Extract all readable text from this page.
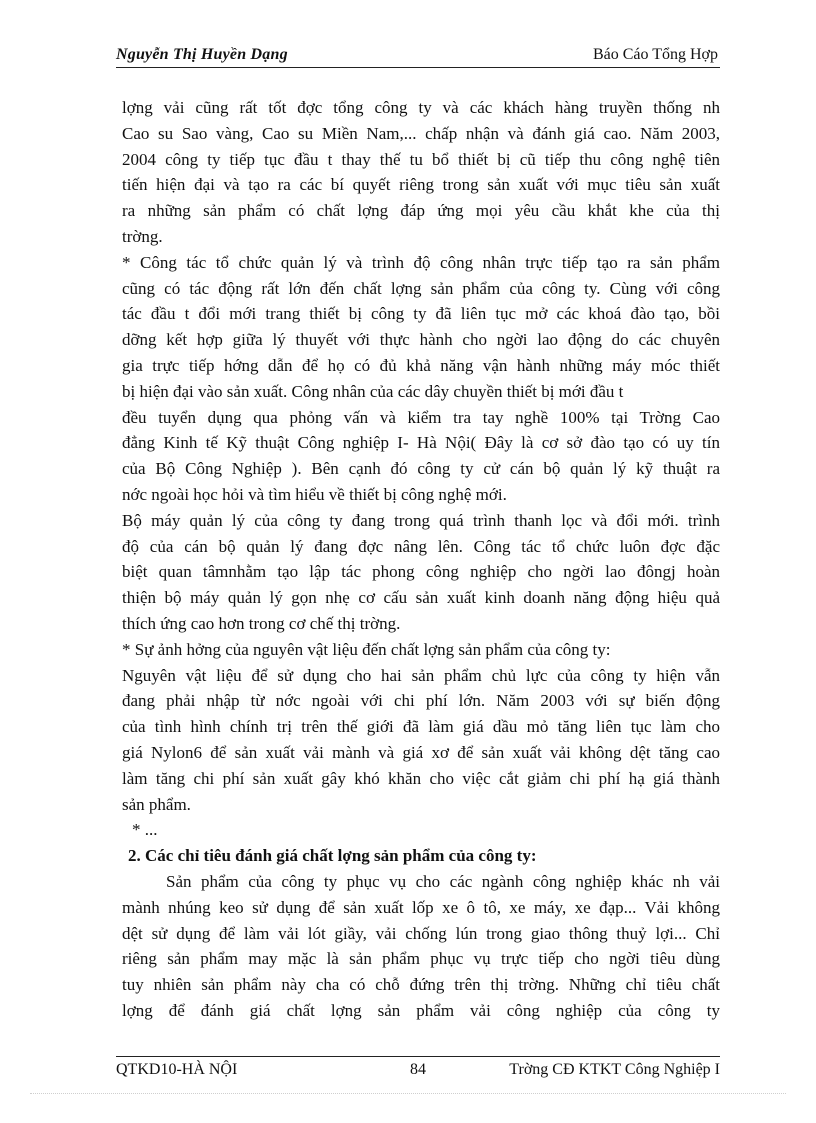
Nguyễn Thị Huyền Dạng	Báo Cáo Tổng Hợp
lợng vải cũng rất tốt đợc tổng công ty và các khách hàng truyền thống nh
Cao su Sao vàng, Cao su Miền Nam,... chấp nhận và đánh giá cao. Năm 2003,
2004 công ty tiếp tục đầu t thay thế tu bổ thiết bị cũ tiếp thu công nghệ tiên
tiến hiện đại và tạo ra các bí quyết riêng trong sản xuất với mục tiêu sản xuất
ra những sản phẩm có chất lợng đáp ứng mọi yêu cầu khắt khe của thị
trờng.
* Công tác tổ chức quản lý và trình độ công nhân trực tiếp tạo ra sản phẩm
cũng có tác động rất lớn đến chất lợng sản phẩm của công ty. Cùng với công
tác đầu t đổi mới trang thiết bị công ty đã liên tục mở các khoá đào tạo, bồi
dỡng kết hợp giữa lý thuyết với thực hành cho ngời lao động do các chuyên
gia trực tiếp hớng dẫn để họ có đủ khả năng vận hành những máy móc thiết
bị hiện đại vào sản xuất. Công nhân của các dây chuyền thiết bị mới đầu t
đều tuyển dụng qua phỏng vấn và kiểm tra tay nghề 100% tại Trờng Cao
đẳng Kinh tế Kỹ thuật Công nghiệp I- Hà Nội( Đây là cơ sở đào tạo có uy tín
của Bộ Công Nghiệp ). Bên cạnh đó công ty cử cán bộ quản lý kỹ thuật ra
nớc ngoài học hỏi và tìm hiểu về thiết bị công nghệ mới.
Bộ máy quản lý của công ty đang trong quá trình thanh lọc và đổi mới. trình
độ của cán bộ quản lý đang đợc nâng lên. Công tác tổ chức luôn đợc đặc
biệt quan tâmnhằm tạo lập tác phong công nghiệp cho ngời lao đôngj hoàn
thiện bộ máy quản lý gọn nhẹ cơ cấu sản xuất kinh doanh năng động hiệu quả
thích ứng cao hơn trong cơ chế thị trờng.
* Sự ảnh hởng của nguyên vật liệu đến chất lợng sản phẩm của công ty:
Nguyên vật liệu để sử dụng cho hai sản phẩm chủ lực của công ty hiện vẫn
đang phải nhập từ nớc ngoài với chi phí lớn. Năm 2003 với sự biến động
của tình hình chính trị trên thế giới đã làm giá dầu mỏ tăng liên tục làm cho
giá Nylon6 để sản xuất vải mành và giá xơ để sản xuất vải không dệt tăng cao
làm tăng chi phí sản xuất gây khó khăn cho việc cắt giảm chi phí hạ giá thành
sản phẩm.
* ...
2. Các chỉ tiêu đánh giá chất lợng sản phẩm của công ty:
Sản phẩm của công ty phục vụ cho các ngành công nghiệp khác nh vải
mành nhúng keo sử dụng để sản xuất lốp xe ô tô, xe máy, xe đạp... Vải không
dệt sử dụng để làm vải lót giầy, vải chống lún trong giao thông thuỷ lợi... Chỉ
riêng sản phẩm may mặc là sản phẩm phục vụ trực tiếp cho ngời tiêu dùng
tuy nhiên sản phẩm này cha có chỗ đứng trên thị trờng. Những chỉ tiêu chất
lợng để đánh giá chất lợng sản phẩm vải công nghiệp của công ty
QTKD10-HÀ NỘI	84	Trờng CĐ KTKT Công Nghiệp I
